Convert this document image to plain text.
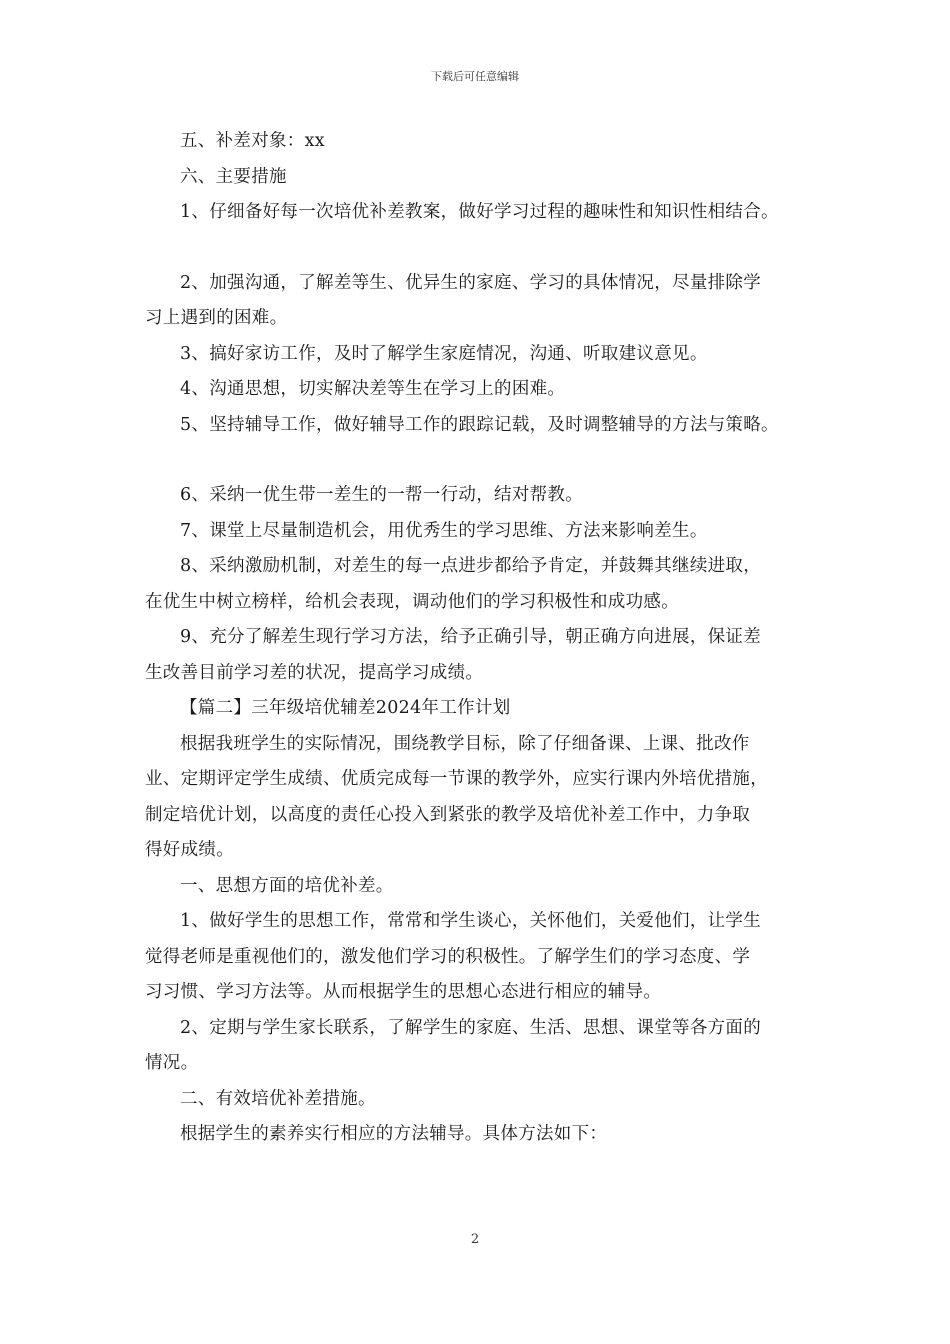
下载后可任意编辑

五、补差对象：xx

六、主要措施

1、仔细备好每一次培优补差教案，做好学习过程的趣味性和知识性相结合。

2、加强沟通，了解差等生、优异生的家庭、学习的具体情况，尽量排除学

习上遇到的困难。

3、搞好家访工作，及时了解学生家庭情况，沟通、听取建议意见。

4、沟通思想，切实解决差等生在学习上的困难。

5、坚持辅导工作，做好辅导工作的跟踪记载，及时调整辅导的方法与策略。

6、采纳一优生带一差生的一帮一行动，结对帮教。

7、课堂上尽量制造机会，用优秀生的学习思维、方法来影响差生。

8、采纳激励机制，对差生的每一点进步都给予肯定，并鼓舞其继续进取，

在优生中树立榜样，给机会表现，调动他们的学习积极性和成功感。

9、充分了解差生现行学习方法，给予正确引导，朝正确方向进展，保证差

生改善目前学习差的状况，提高学习成绩。

【篇二】三年级培优辅差2024年工作计划

根据我班学生的实际情况，围绕教学目标，除了仔细备课、上课、批改作

业、定期评定学生成绩、优质完成每一节课的教学外，应实行课内外培优措施，

制定培优计划，以高度的责任心投入到紧张的教学及培优补差工作中，力争取

得好成绩。

一、思想方面的培优补差。

1、做好学生的思想工作，常常和学生谈心，关怀他们，关爱他们，让学生

觉得老师是重视他们的，激发他们学习的积极性。了解学生们的学习态度、学

习习惯、学习方法等。从而根据学生的思想心态进行相应的辅导。

2、定期与学生家长联系，了解学生的家庭、生活、思想、课堂等各方面的

情况。

二、有效培优补差措施。

根据学生的素养实行相应的方法辅导。具体方法如下：

2
